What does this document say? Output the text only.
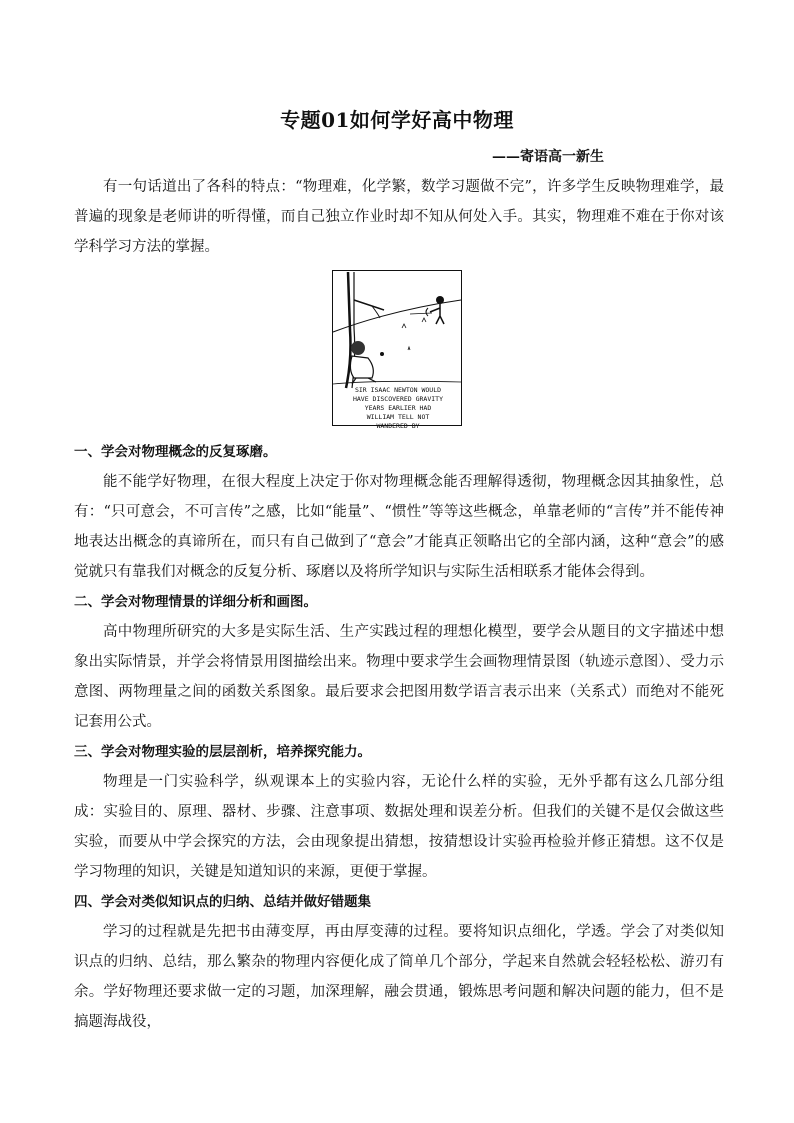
专题01如何学好高中物理
——寄语高一新生

有一句话道出了各科的特点：“物理难，化学繁，数学习题做不完”，许多学生反映物理难学，最普遍的现象是老师讲的听得懂，而自己独立作业时却不知从何处入手。其实，物理难不难在于你对该学科学习方法的掌握。

SIR ISAAC NEWTON WOULD HAVE DISCOVERED GRAVITY YEARS EARLIER HAD WILLIAM TELL NOT WANDERED BY

一、学会对物理概念的反复琢磨。

能不能学好物理，在很大程度上决定于你对物理概念能否理解得透彻，物理概念因其抽象性，总有：“只可意会，不可言传”之感，比如“能量”、“惯性”等等这些概念，单靠老师的“言传”并不能传神地表达出概念的真谛所在，而只有自己做到了“意会”才能真正领略出它的全部内涵，这种“意会”的感觉就只有靠我们对概念的反复分析、琢磨以及将所学知识与实际生活相联系才能体会得到。

二、学会对物理情景的详细分析和画图。

高中物理所研究的大多是实际生活、生产实践过程的理想化模型，要学会从题目的文字描述中想象出实际情景，并学会将情景用图描绘出来。物理中要求学生会画物理情景图（轨迹示意图）、受力示意图、两物理量之间的函数关系图象。最后要求会把图用数学语言表示出来（关系式）而绝对不能死记套用公式。

三、学会对物理实验的层层剖析，培养探究能力。

物理是一门实验科学，纵观课本上的实验内容，无论什么样的实验，无外乎都有这么几部分组成：实验目的、原理、器材、步骤、注意事项、数据处理和误差分析。但我们的关键不是仅会做这些实验，而要从中学会探究的方法，会由现象提出猜想，按猜想设计实验再检验并修正猜想。这不仅是学习物理的知识，关键是知道知识的来源，更便于掌握。

四、学会对类似知识点的归纳、总结并做好错题集

学习的过程就是先把书由薄变厚，再由厚变薄的过程。要将知识点细化，学透。学会了对类似知识点的归纳、总结，那么繁杂的物理内容便化成了简单几个部分，学起来自然就会轻轻松松、游刃有余。学好物理还要求做一定的习题，加深理解，融会贯通，锻炼思考问题和解决问题的能力，但不是搞题海战役，
